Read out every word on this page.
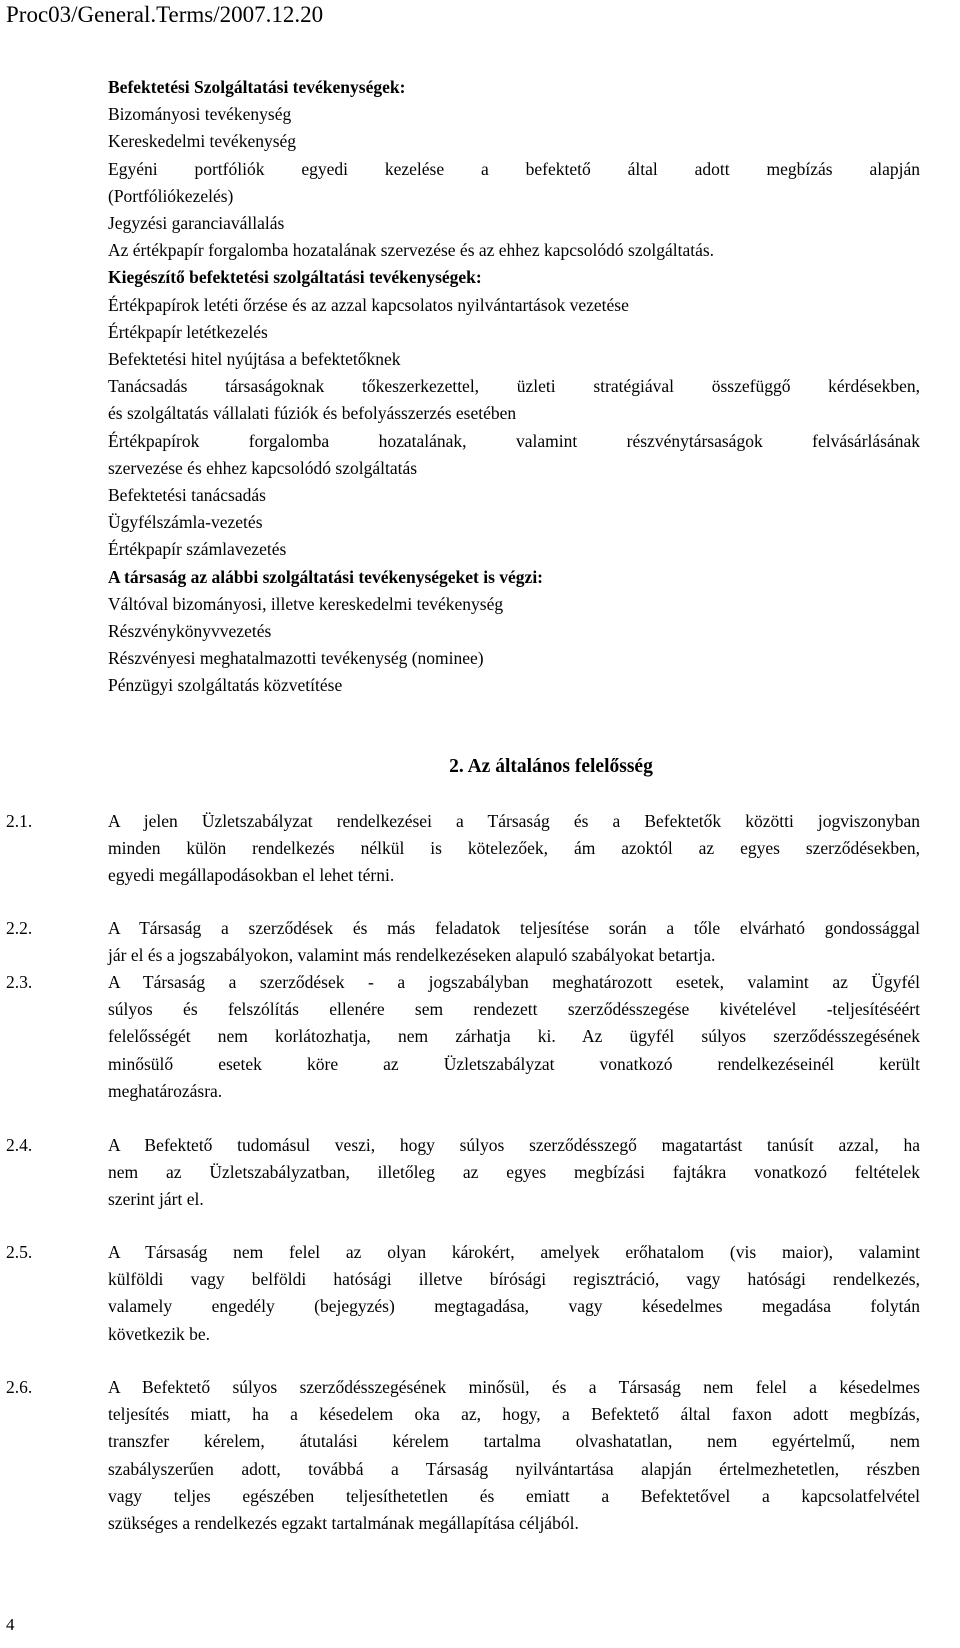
Proc03/General.Terms/2007.12.20
Befektetési Szolgáltatási tevékenységek:
Bizományosi tevékenység
Kereskedelmi tevékenység
Egyéni portfóliók egyedi kezelése a befektető által adott megbízás alapján
(Portfóliókezelés)
Jegyzési garanciavállalás
Az értékpapír forgalomba hozatalának szervezése és az ehhez kapcsolódó szolgáltatás.
Kiegészítő befektetési szolgáltatási tevékenységek:
Értékpapírok letéti őrzése és az azzal kapcsolatos nyilvántartások vezetése
Értékpapír letétkezelés
Befektetési hitel nyújtása a befektetőknek
Tanácsadás társaságoknak tőkeszerkezettel, üzleti stratégiával összefüggő kérdésekben,
és szolgáltatás vállalati fúziók és befolyásszerzés esetében
Értékpapírok forgalomba hozatalának, valamint részvénytársaságok felvásárlásának
szervezése és ehhez kapcsolódó szolgáltatás
Befektetési tanácsadás
Ügyfélszámla-vezetés
Értékpapír számlavezetés
A társaság az alábbi szolgáltatási tevékenységeket is végzi:
Váltóval bizományosi, illetve kereskedelmi tevékenység
Részvénykönyvvezetés
Részvényesi meghatalmazotti tevékenység (nominee)
Pénzügyi szolgáltatás közvetítése
2. Az általános felelősség
2.1.	A jelen Üzletszabályzat rendelkezései a Társaság és a Befektetők közötti jogviszonyban
minden külön rendelkezés nélkül is kötelezőek, ám azoktól az egyes szerződésekben,
egyedi megállapodásokban el lehet térni.
2.2.	A Társaság a szerződések és más feladatok teljesítése során a tőle elvárható gondossággal
jár el és a jogszabályokon, valamint más rendelkezéseken alapuló szabályokat betartja.
2.3.	A Társaság a szerződések - a jogszabályban meghatározott esetek, valamint az Ügyfél
súlyos és felszólítás ellenére sem rendezett szerződésszegése kivételével -teljesítéséért
felelősségét nem korlátozhatja, nem zárhatja ki. Az ügyfél súlyos szerződésszegésének
minősülő esetek köre az Üzletszabályzat vonatkozó rendelkezéseinél került
meghatározásra.
2.4.	A Befektető tudomásul veszi, hogy súlyos szerződésszegő magatartást tanúsít azzal, ha
nem az Üzletszabályzatban, illetőleg az egyes megbízási fajtákra vonatkozó feltételek
szerint járt el.
2.5.	A Társaság nem felel az olyan károkért, amelyek erőhatalom (vis maior), valamint
külföldi vagy belföldi hatósági illetve bírósági regisztráció, vagy hatósági rendelkezés,
valamely engedély (bejegyzés) megtagadása, vagy késedelmes megadása folytán
következik be.
2.6.	A Befektető súlyos szerződésszegésének minősül, és a Társaság nem felel a késedelmes
teljesítés miatt, ha a késedelem oka az, hogy, a Befektető által faxon adott megbízás,
transzfer kérelem, átutalási kérelem tartalma olvashatatlan, nem egyértelmű, nem
szabályszerűen adott, továbbá a Társaság nyilvántartása alapján értelmezhetetlen, részben
vagy teljes egészében teljesíthetetlen és emiatt a Befektetővel a kapcsolatfelvétel
szükséges a rendelkezés egzakt tartalmának megállapítása céljából.
4
